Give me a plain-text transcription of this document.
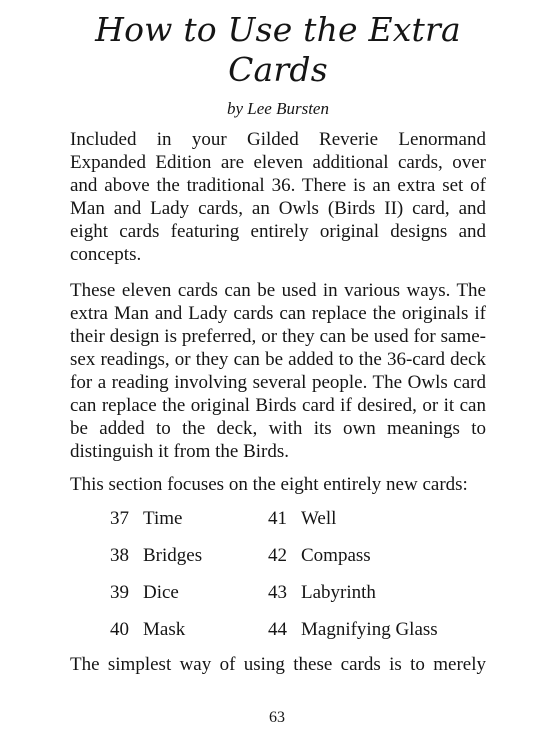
How to Use the Extra Cards
by Lee Bursten

Included in your Gilded Reverie Lenormand Expanded Edition are eleven additional cards, over and above the traditional 36. There is an extra set of Man and Lady cards, an Owls (Birds II) card, and eight cards featuring entirely original designs and concepts.

These eleven cards can be used in various ways. The extra Man and Lady cards can replace the originals if their design is preferred, or they can be used for same-sex readings, or they can be added to the 36-card deck for a reading involving several people. The Owls card can replace the original Birds card if desired, or it can be added to the deck, with its own meanings to distinguish it from the Birds.

This section focuses on the eight entirely new cards:

37 Time	41 Well
38 Bridges	42 Compass
39 Dice	43 Labyrinth
40 Mask	44 Magnifying Glass

The simplest way of using these cards is to merely

63
